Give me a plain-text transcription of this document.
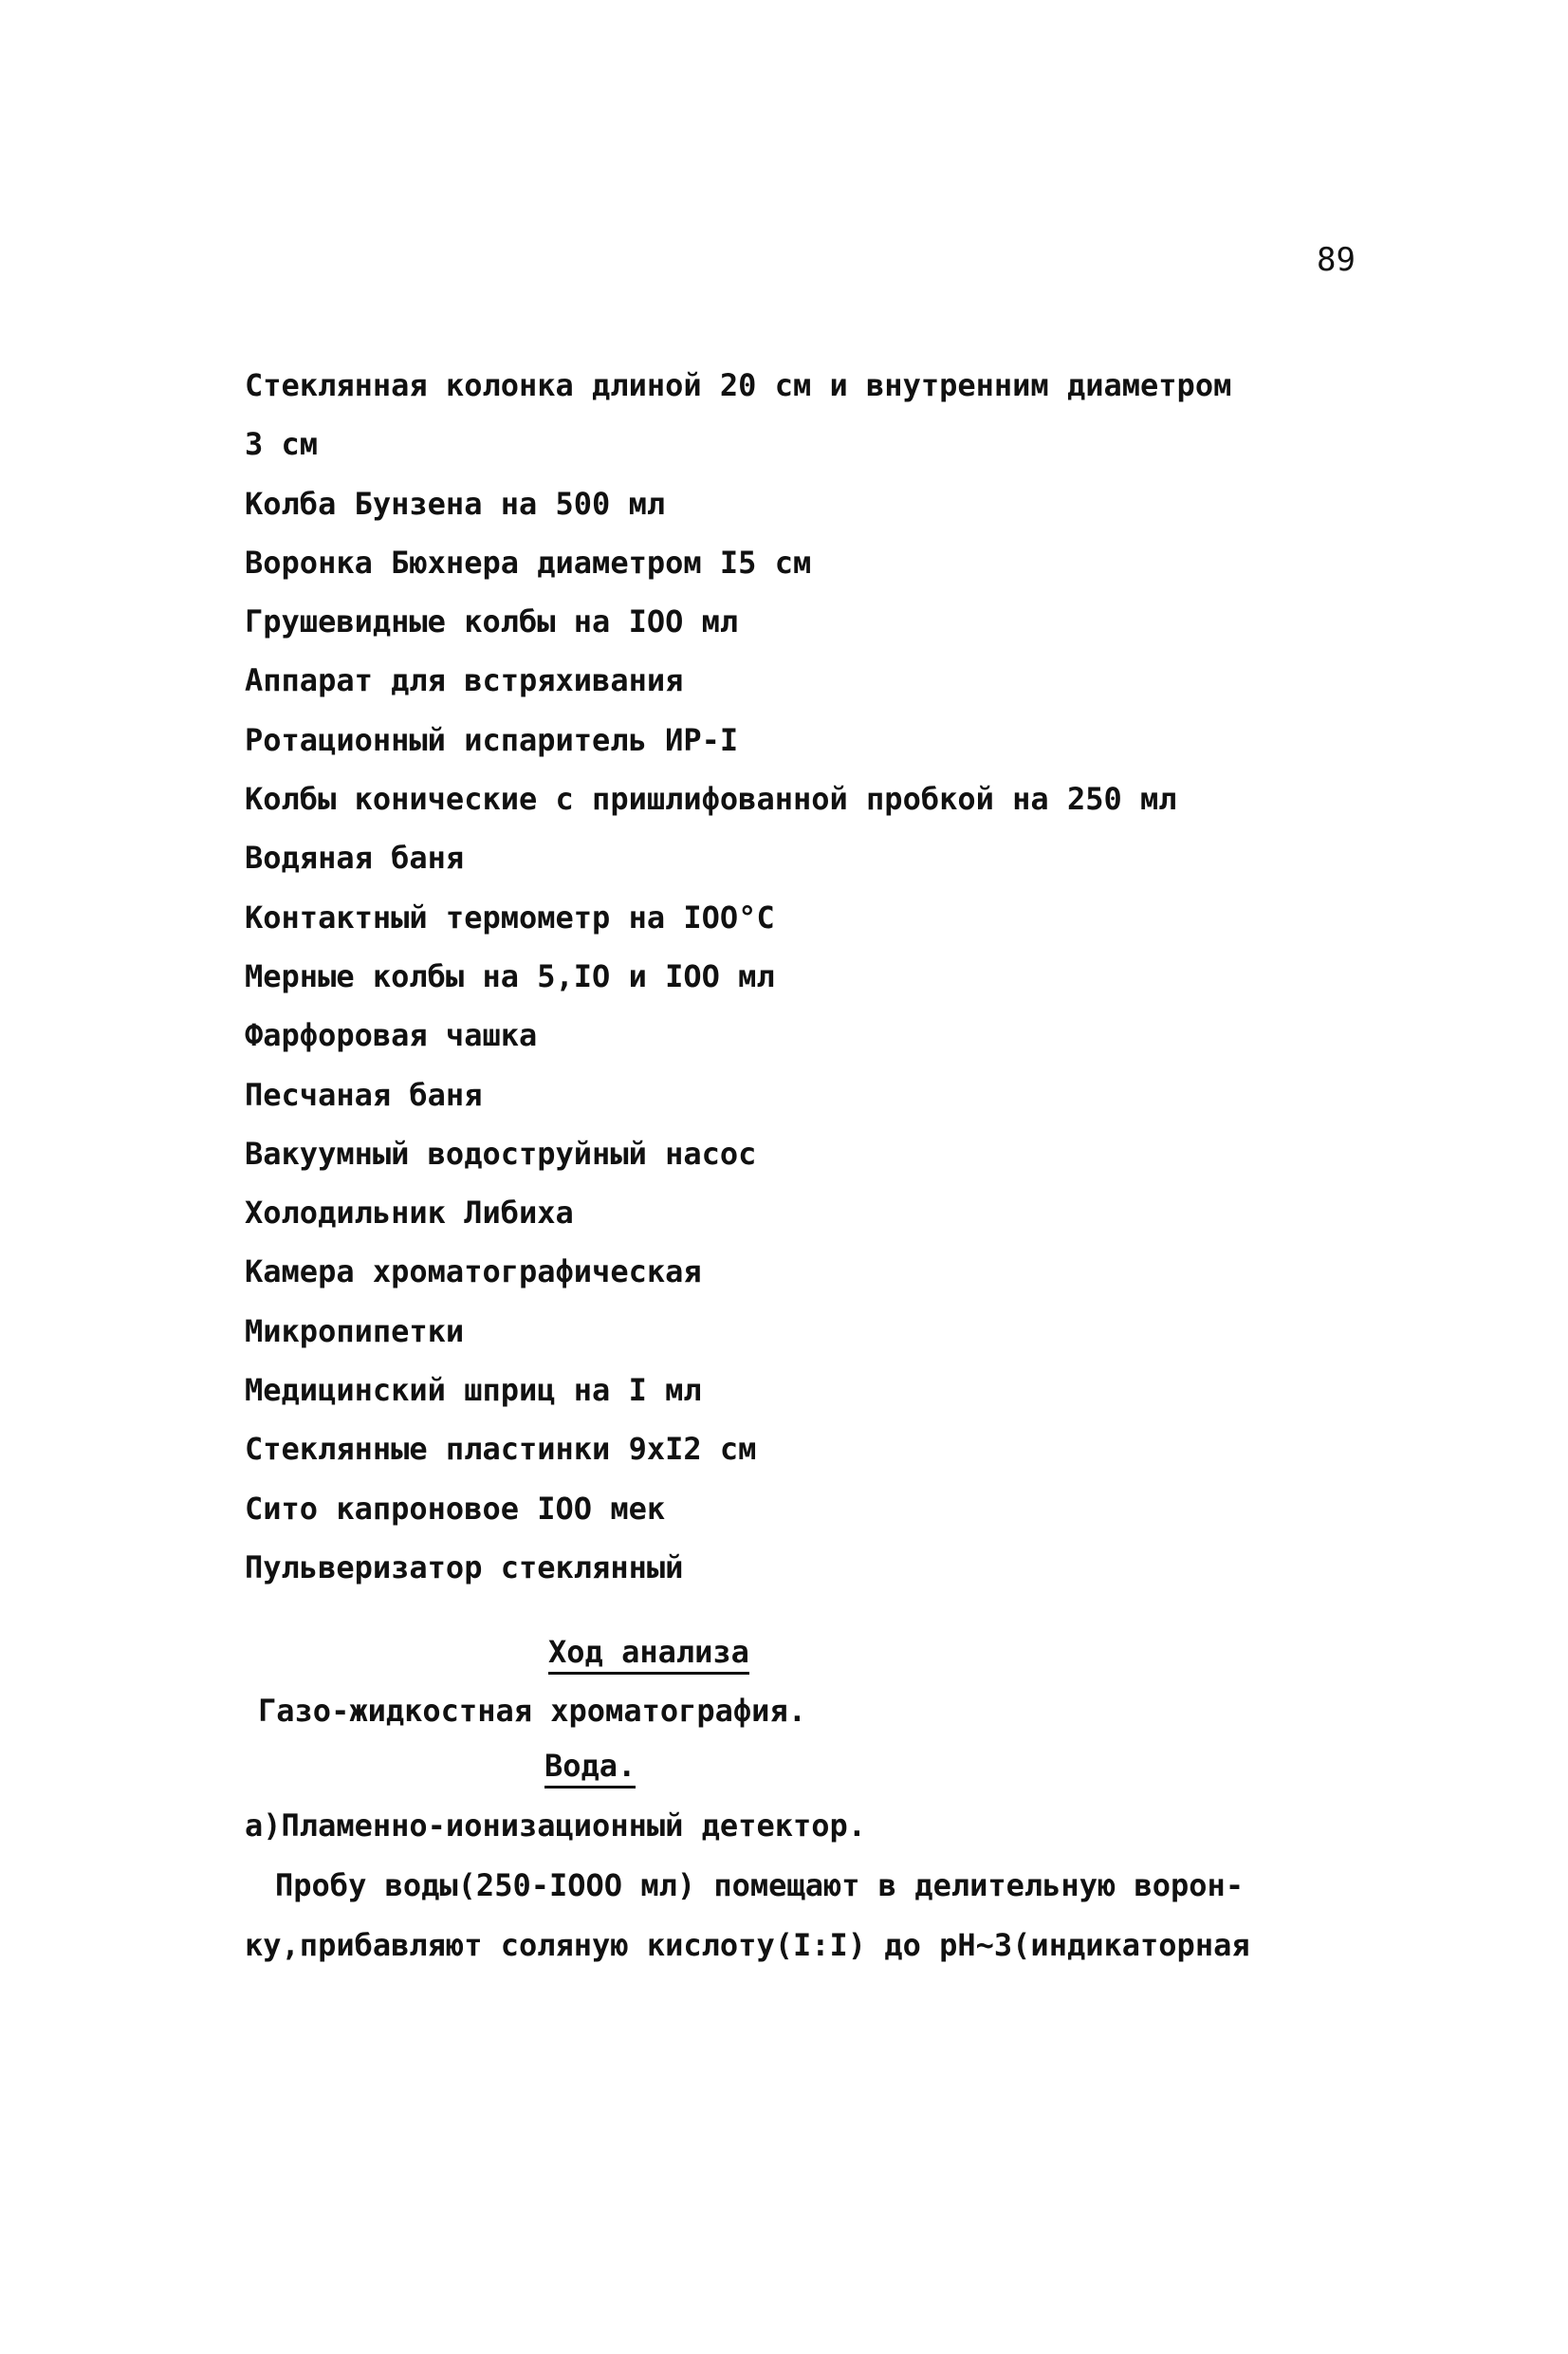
89
Стеклянная колонка длиной 20 см и внутренним диаметром
3 см
Колба Бунзена на 500 мл
Воронка Бюхнера диаметром I5 см
Грушевидные колбы на IOO мл
Аппарат для встряхивания
Ротационный испаритель ИР-I
Колбы конические с пришлифованной пробкой на 250 мл
Водяная баня
Контактный термометр на IOO°C
Мерные колбы на 5,IO и IOO мл
Фарфоровая чашка
Песчаная баня
Вакуумный водоструйный насос
Холодильник Либиха
Камера хроматографическая
Микропипетки
Медицинский шприц на I мл
Стеклянные пластинки 9xI2 см
Сито капроновое IOO мек
Пульверизатор стеклянный
Ход анализа
Газо-жидкостная хроматография.
Вода.
а)Пламенно-ионизационный детектор.
Пробу воды(250-IOOO мл) помещают в делительную ворон-
ку,прибавляют соляную кислоту(I:I) до pH~3(индикаторная
